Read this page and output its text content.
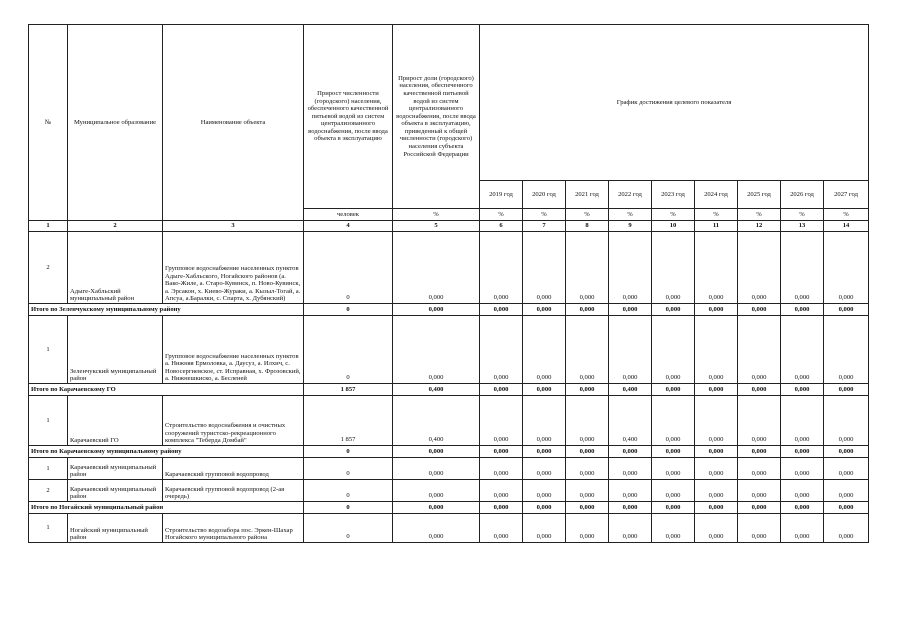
№	Муниципальное образование	Наименование объекта	Прирост численности (городского) населения, обеспеченного качественной питьевой водой из систем централизованного водоснабжения, после ввода объекта в эксплуатацию	Прирост доли (городского) населения, обеспеченного качественной питьевой водой из систем централизованного водоснабжения, после ввода объекта в эксплуатацию, приведенный к общей численности (городского) населения субъекта Российской Федерации	График достижения целевого показателя								
					2019 год	2020 год	2021 год	2022 год	2023 год	2024 год	2025 год	2026 год	2027 год
			человек	%	%	%	%	%	%	%	%	%	%
1	2	3	4	5	6	7	8	9	10	11	12	13	14
2	Адыге-Хабльский муниципальный район	Групповое водоснабжение населенных пунктов Адыге-Хабльского, Ногайского районов (а. Вако-Жиле, а. Старо-Кувинск, п. Ново-Кувинск, а. Эрсакон, х. Киево-Жураки, а. Кызыл-Тогай, а. Апсуа, а.Баралки, с. Спарта, х. Дубянский)	0	0,000	0,000	0,000	0,000	0,000	0,000	0,000	0,000	0,000	0,000
Итого по Зеленчукскому муниципальному району			0	0,000	0,000	0,000	0,000	0,000	0,000	0,000	0,000	0,000	0,000
1	Зеленчукский муниципальный район	Групповое водоснабжение населенных пунктов а. Нижняя Ермоловка, а. Даусуз, а. Илхич, с. Новосергиевское, ст. Исправная, х. Фрозовский, а. Нижнешкиско, а. Бесленей	0	0,000	0,000	0,000	0,000	0,000	0,000	0,000	0,000	0,000	0,000
Итого по Карачаевскому ГО			1 857	0,400	0,000	0,000	0,000	0,400	0,000	0,000	0,000	0,000	0,000
1	Карачаевский ГО	Строительство водоснабжения и очистных сооружений туристско-рекреационного комплекса "Теберда Домбай"	1 857	0,400	0,000	0,000	0,000	0,400	0,000	0,000	0,000	0,000	0,000
Итого по Карачаевскому муниципальному району			0	0,000	0,000	0,000	0,000	0,000	0,000	0,000	0,000	0,000	0,000
1	Карачаевский муниципальный район	Карачаевский групповой водопровод	0	0,000	0,000	0,000	0,000	0,000	0,000	0,000	0,000	0,000	0,000
2	Карачаевский муниципальный район	Карачаевский групповой водопровод (2-ая очередь)	0	0,000	0,000	0,000	0,000	0,000	0,000	0,000	0,000	0,000	0,000
Итого по Ногайский муниципальный район			0	0,000	0,000	0,000	0,000	0,000	0,000	0,000	0,000	0,000	0,000
1	Ногайский муниципальный район	Строительство водозабора пос. Эркен-Шахар Ногайского муниципального района	0	0,000	0,000	0,000	0,000	0,000	0,000	0,000	0,000	0,000	0,000
